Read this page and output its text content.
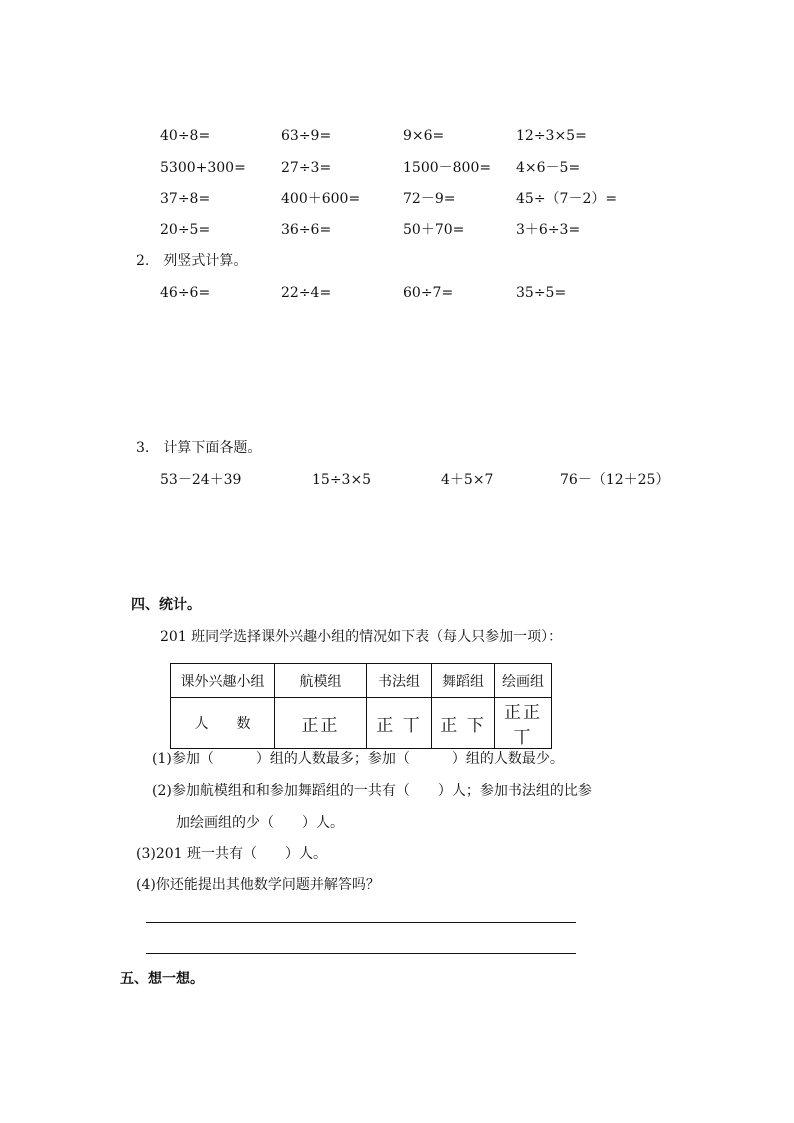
40÷8=	63÷9=	9×6=	12÷3×5=
5300+300=	27÷3=	1500－800= 4×6－5=
37÷8=	400＋600=	72－9=	45÷（7－2）=
20÷5=	36÷6=	50＋70=	3＋6÷3=
2.　列竖式计算。
46÷6=	22÷4=	60÷7=	35÷5=
3.　计算下面各题。
53－24＋39	15÷3×5	4＋5×7	76－（12＋25）
四、统计。
201 班同学选择课外兴趣小组的情况如下表（每人只参加一项）：
课外兴趣小组	航模组	书法组	舞蹈组	绘画组
人　　数	正正	正 丅	正 下	正正丅
(1)参加（　　　）组的人数最多；参加（　　　）组的人数最少。
(2)参加航模组和和参加舞蹈组的一共有（　　）人；参加书法组的比参
加绘画组的少（　　）人。
(3)201 班一共有（　　）人。
(4)你还能提出其他数学问题并解答吗？
五、想一想。
